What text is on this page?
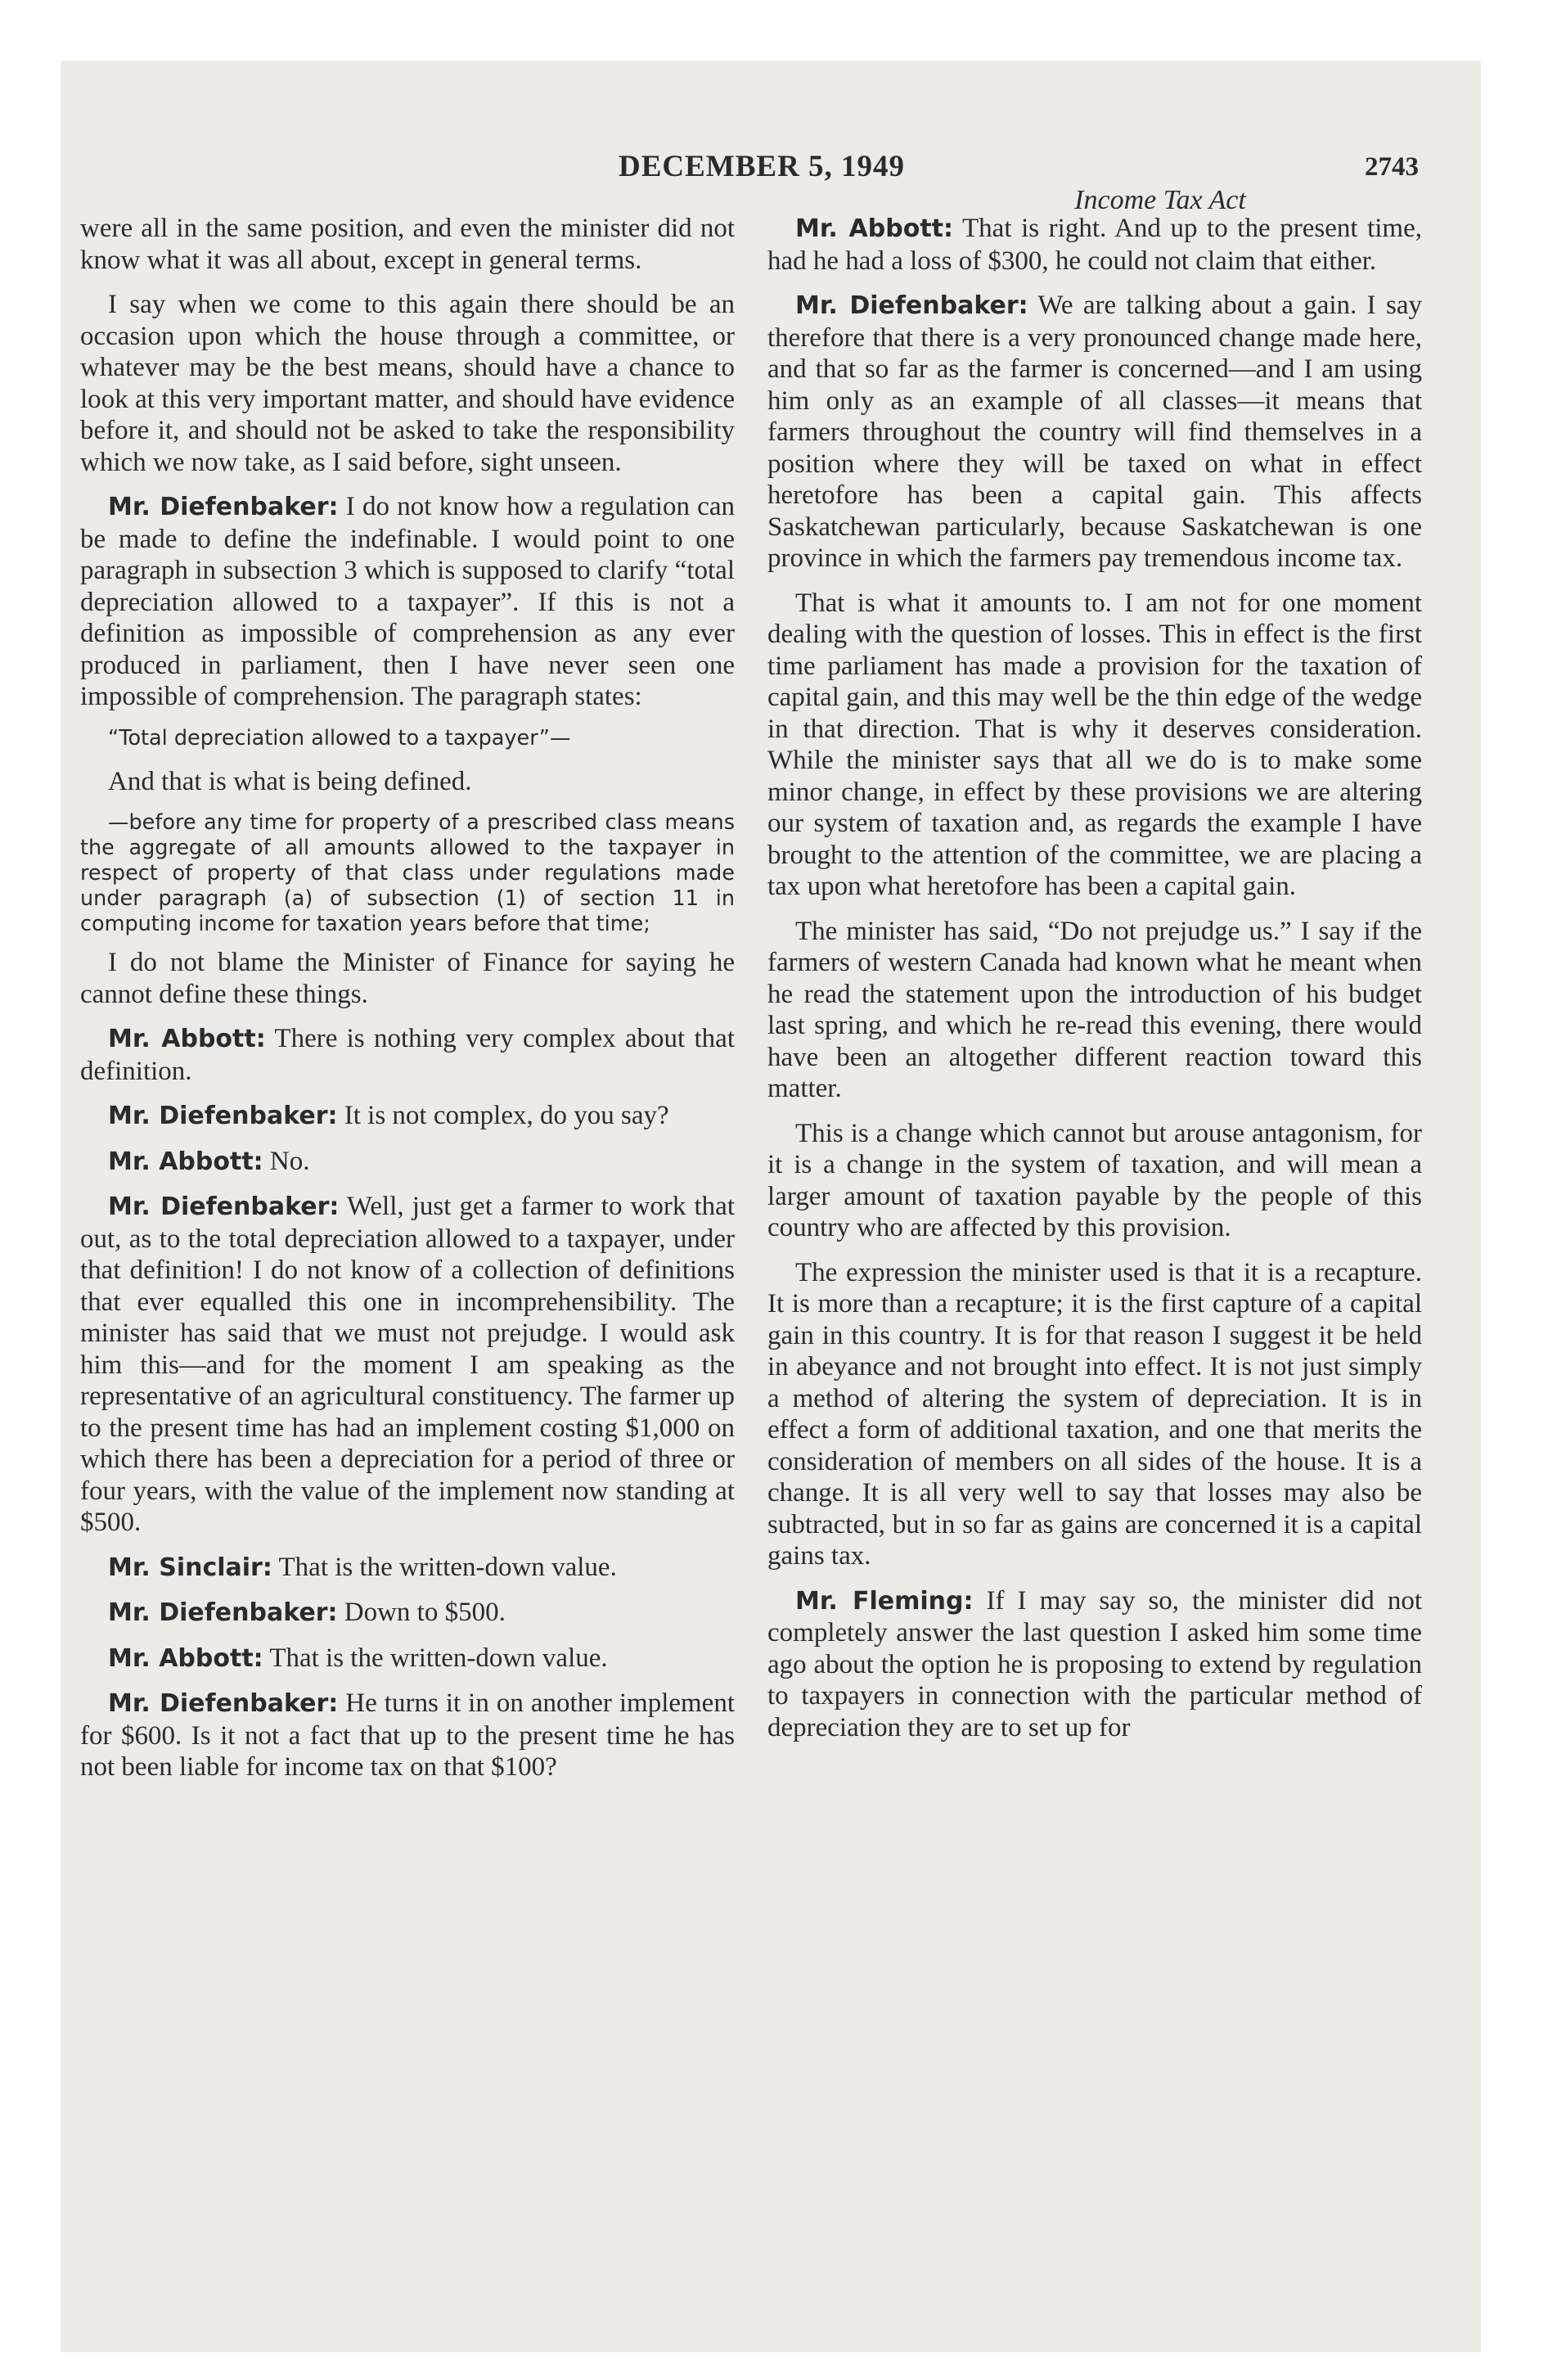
DECEMBER 5, 1949	2743
Income Tax Act

were all in the same position, and even the minister did not know what it was all about, except in general terms.

I say when we come to this again there should be an occasion upon which the house through a committee, or whatever may be the best means, should have a chance to look at this very important matter, and should have evidence before it, and should not be asked to take the responsibility which we now take, as I said before, sight unseen.

Mr. Diefenbaker: I do not know how a regulation can be made to define the indefinable. I would point to one paragraph in subsection 3 which is supposed to clarify “total depreciation allowed to a taxpayer”. If this is not a definition as impossible of comprehension as any ever produced in parliament, then I have never seen one impossible of comprehension. The paragraph states:

“Total depreciation allowed to a taxpayer”—

And that is what is being defined.

—before any time for property of a prescribed class means the aggregate of all amounts allowed to the taxpayer in respect of property of that class under regulations made under paragraph (a) of subsection (1) of section 11 in computing income for taxation years before that time;

I do not blame the Minister of Finance for saying he cannot define these things.

Mr. Abbott: There is nothing very complex about that definition.

Mr. Diefenbaker: It is not complex, do you say?

Mr. Abbott: No.

Mr. Diefenbaker: Well, just get a farmer to work that out, as to the total depreciation allowed to a taxpayer, under that definition! I do not know of a collection of definitions that ever equalled this one in incomprehensibility. The minister has said that we must not prejudge. I would ask him this—and for the moment I am speaking as the representative of an agricultural constituency. The farmer up to the present time has had an implement costing $1,000 on which there has been a depreciation for a period of three or four years, with the value of the implement now standing at $500.

Mr. Sinclair: That is the written-down value.

Mr. Diefenbaker: Down to $500.

Mr. Abbott: That is the written-down value.

Mr. Diefenbaker: He turns it in on another implement for $600. Is it not a fact that up to the present time he has not been liable for income tax on that $100?

Mr. Abbott: That is right. And up to the present time, had he had a loss of $300, he could not claim that either.

Mr. Diefenbaker: We are talking about a gain. I say therefore that there is a very pronounced change made here, and that so far as the farmer is concerned—and I am using him only as an example of all classes—it means that farmers throughout the country will find themselves in a position where they will be taxed on what in effect heretofore has been a capital gain. This affects Saskatchewan particularly, because Saskatchewan is one province in which the farmers pay tremendous income tax.

That is what it amounts to. I am not for one moment dealing with the question of losses. This in effect is the first time parliament has made a provision for the taxation of capital gain, and this may well be the thin edge of the wedge in that direction. That is why it deserves consideration. While the minister says that all we do is to make some minor change, in effect by these provisions we are altering our system of taxation and, as regards the example I have brought to the attention of the committee, we are placing a tax upon what heretofore has been a capital gain.

The minister has said, “Do not prejudge us.” I say if the farmers of western Canada had known what he meant when he read the statement upon the introduction of his budget last spring, and which he re-read this evening, there would have been an altogether different reaction toward this matter.

This is a change which cannot but arouse antagonism, for it is a change in the system of taxation, and will mean a larger amount of taxation payable by the people of this country who are affected by this provision.

The expression the minister used is that it is a recapture. It is more than a recapture; it is the first capture of a capital gain in this country. It is for that reason I suggest it be held in abeyance and not brought into effect. It is not just simply a method of altering the system of depreciation. It is in effect a form of additional taxation, and one that merits the consideration of members on all sides of the house. It is a change. It is all very well to say that losses may also be subtracted, but in so far as gains are concerned it is a capital gains tax.

Mr. Fleming: If I may say so, the minister did not completely answer the last question I asked him some time ago about the option he is proposing to extend by regulation to taxpayers in connection with the particular method of depreciation they are to set up for
